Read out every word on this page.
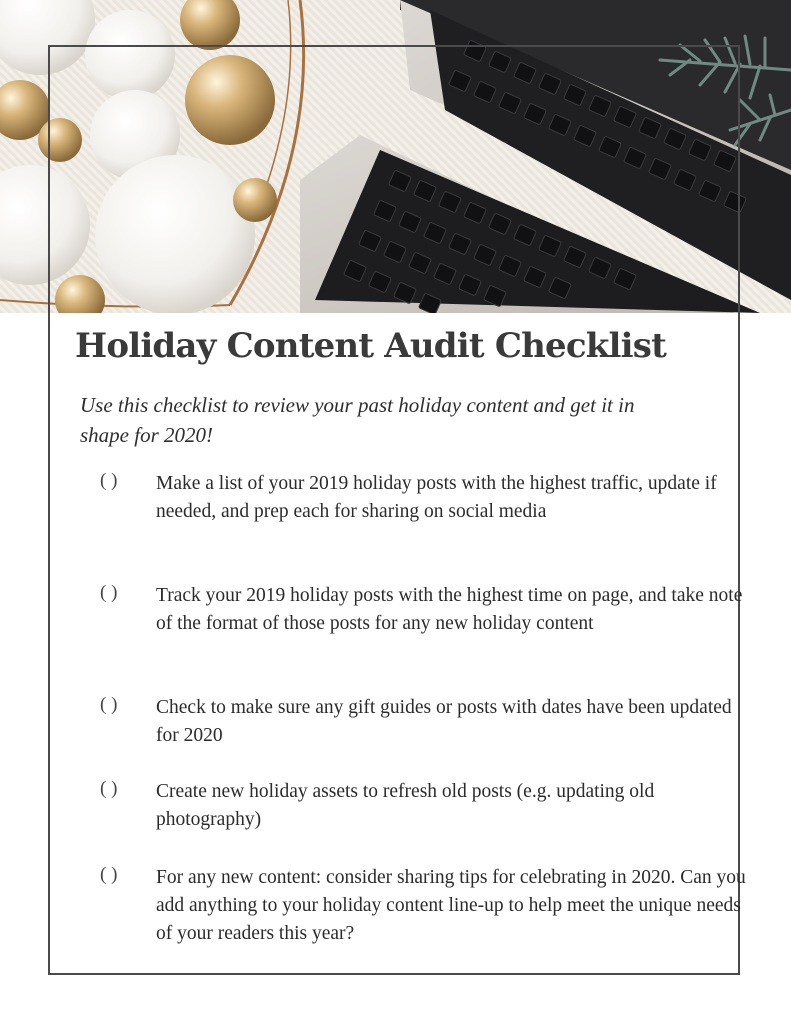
Holiday Content Audit Checklist

Use this checklist to review your past holiday content and get it in shape for 2020!

( ) Make a list of your 2019 holiday posts with the highest traffic, update if needed, and prep each for sharing on social media
( ) Track your 2019 holiday posts with the highest time on page, and take note of the format of those posts for any new holiday content
( ) Check to make sure any gift guides or posts with dates have been updated for 2020
( ) Create new holiday assets to refresh old posts (e.g. updating old photography)
( ) For any new content: consider sharing tips for celebrating in 2020. Can you add anything to your holiday content line-up to help meet the unique needs of your readers this year?
